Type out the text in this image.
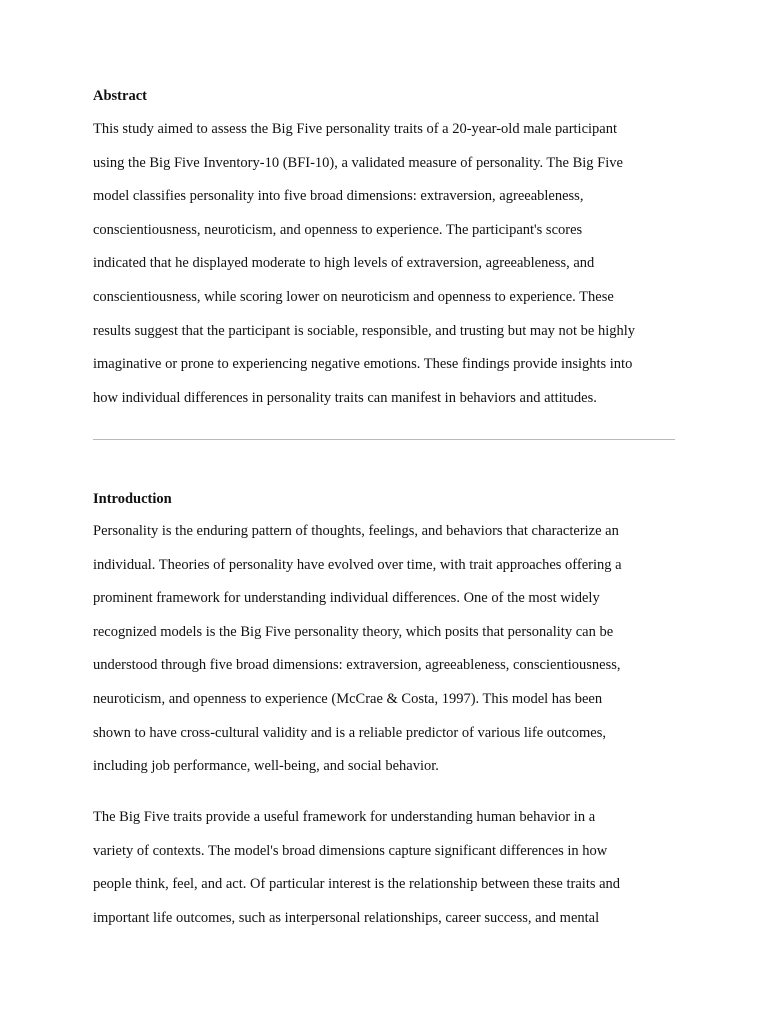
Abstract

This study aimed to assess the Big Five personality traits of a 20-year-old male participant
using the Big Five Inventory-10 (BFI-10), a validated measure of personality. The Big Five
model classifies personality into five broad dimensions: extraversion, agreeableness,
conscientiousness, neuroticism, and openness to experience. The participant's scores
indicated that he displayed moderate to high levels of extraversion, agreeableness, and
conscientiousness, while scoring lower on neuroticism and openness to experience. These
results suggest that the participant is sociable, responsible, and trusting but may not be highly
imaginative or prone to experiencing negative emotions. These findings provide insights into
how individual differences in personality traits can manifest in behaviors and attitudes.

Introduction

Personality is the enduring pattern of thoughts, feelings, and behaviors that characterize an
individual. Theories of personality have evolved over time, with trait approaches offering a
prominent framework for understanding individual differences. One of the most widely
recognized models is the Big Five personality theory, which posits that personality can be
understood through five broad dimensions: extraversion, agreeableness, conscientiousness,
neuroticism, and openness to experience (McCrae & Costa, 1997). This model has been
shown to have cross-cultural validity and is a reliable predictor of various life outcomes,
including job performance, well-being, and social behavior.

The Big Five traits provide a useful framework for understanding human behavior in a
variety of contexts. The model's broad dimensions capture significant differences in how
people think, feel, and act. Of particular interest is the relationship between these traits and
important life outcomes, such as interpersonal relationships, career success, and mental
